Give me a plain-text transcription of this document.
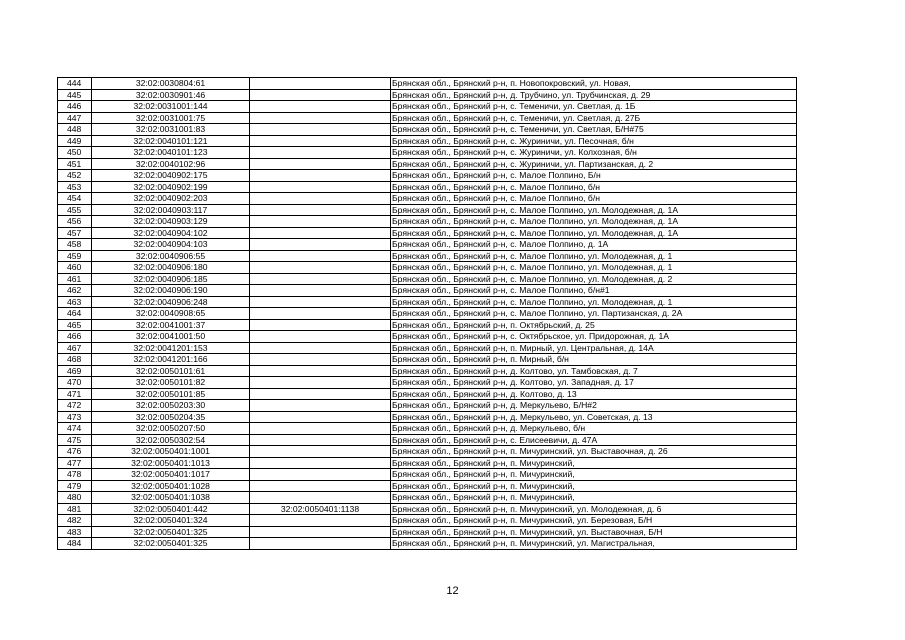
444	32:02:0030804:61		Брянская обл., Брянский р-н, п. Новопокровский, ул. Новая,
445	32:02:0030901:46		Брянская обл., Брянский р-н, д. Трубчино, ул. Трубчинская, д. 29
446	32:02:0031001:144		Брянская обл., Брянский р-н, с. Теменичи, ул. Светлая, д. 1Б
447	32:02:0031001:75		Брянская обл., Брянский р-н, с. Теменичи, ул. Светлая, д. 27Б
448	32:02:0031001:83		Брянская обл., Брянский р-н, с. Теменичи, ул. Светлая, Б/Н#75
449	32:02:0040101:121		Брянская обл., Брянский р-н, с. Журиничи, ул. Песочная, б/н
450	32:02:0040101:123		Брянская обл., Брянский р-н, с. Журиничи, ул. Колхозная, б/н
451	32:02:0040102:96		Брянская обл., Брянский р-н, с. Журиничи, ул. Партизанская, д. 2
452	32:02:0040902:175		Брянская обл., Брянский р-н, с. Малое Полпино, Б/н
453	32:02:0040902:199		Брянская обл., Брянский р-н, с. Малое Полпино, б/н
454	32:02:0040902:203		Брянская обл., Брянский р-н, с. Малое Полпино, б/н
455	32:02:0040903:117		Брянская обл., Брянский р-н, с. Малое Полпино, ул. Молодежная, д. 1А
456	32:02:0040903:129		Брянская обл., Брянский р-н, с. Малое Полпино, ул. Молодежная, д. 1А
457	32:02:0040904:102		Брянская обл., Брянский р-н, с. Малое Полпино, ул. Молодежная, д. 1А
458	32:02:0040904:103		Брянская обл., Брянский р-н, с. Малое Полпино, д. 1А
459	32:02:0040906:55		Брянская обл., Брянский р-н, с. Малое Полпино, ул. Молодежная, д. 1
460	32:02:0040906:180		Брянская обл., Брянский р-н, с. Малое Полпино, ул. Молодежная, д. 1
461	32:02:0040906:185		Брянская обл., Брянский р-н, с. Малое Полпино, ул. Молодежная, д. 2
462	32:02:0040906:190		Брянская обл., Брянский р-н, с. Малое Полпино, б/н#1
463	32:02:0040906:248		Брянская обл., Брянский р-н, с. Малое Полпино, ул. Молодежная, д. 1
464	32:02:0040908:65		Брянская обл., Брянский р-н, с. Малое Полпино, ул. Партизанская, д. 2А
465	32:02:0041001:37		Брянская обл., Брянский р-н, п. Октябрьский, д. 25
466	32:02:0041001:50		Брянская обл., Брянский р-н, с. Октябрьское, ул. Придорожная, д. 1А
467	32:02:0041201:153		Брянская обл., Брянский р-н, п. Мирный, ул. Центральная, д. 14А
468	32:02:0041201:166		Брянская обл., Брянский р-н, п. Мирный, б/н
469	32:02:0050101:61		Брянская обл., Брянский р-н, д. Колтово, ул. Тамбовская, д. 7
470	32:02:0050101:82		Брянская обл., Брянский р-н, д. Колтово, ул. Западная, д. 17
471	32:02:0050101:85		Брянская обл., Брянский р-н, д. Колтово, д. 13
472	32:02:0050203:30		Брянская обл., Брянский р-н, д. Меркульево, Б/Н#2
473	32:02:0050204:35		Брянская обл., Брянский р-н, д. Меркульево, ул. Советская, д. 13
474	32:02:0050207:50		Брянская обл., Брянский р-н, д. Меркульево, б/н
475	32:02:0050302:54		Брянская обл., Брянский р-н, с. Елисеевичи, д. 47А
476	32:02:0050401:1001		Брянская обл., Брянский р-н, п. Мичуринский, ул. Выставочная, д. 26
477	32:02:0050401:1013		Брянская обл., Брянский р-н, п. Мичуринский,
478	32:02:0050401:1017		Брянская обл., Брянский р-н, п. Мичуринский,
479	32:02:0050401:1028		Брянская обл., Брянский р-н, п. Мичуринский,
480	32:02:0050401:1038		Брянская обл., Брянский р-н, п. Мичуринский,
481	32:02:0050401:442	32:02:0050401:1138	Брянская обл., Брянский р-н, п. Мичуринский, ул. Молодежная, д. 6
482	32:02:0050401:324		Брянская обл., Брянский р-н, п. Мичуринский, ул. Березовая, Б/Н
483	32:02:0050401:325		Брянская обл., Брянский р-н, п. Мичуринский, ул. Выставочная, Б/Н
484	32:02:0050401:325		Брянская обл., Брянский р-н, п. Мичуринский, ул. Магистральная,
12
